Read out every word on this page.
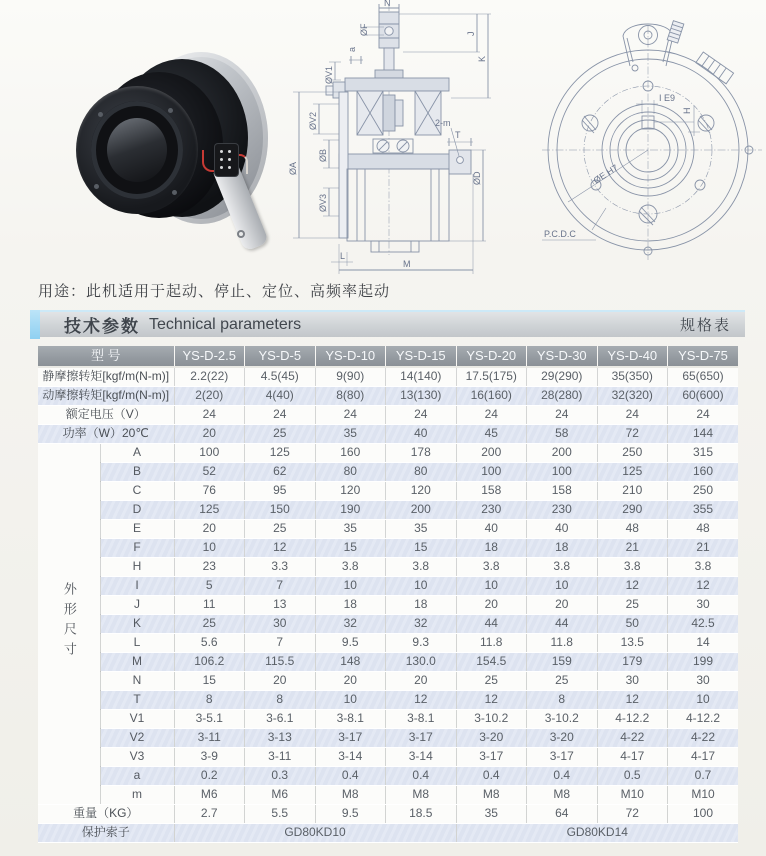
N
ØF	J
K
a
ØV1
ØV2
ØB
ØA
ØV3
T
2-m
ØD
L
M
I E9
H
ØE H7
P.C.D.C
用途：此机适用于起动、停止、定位、高频率起动
技术参数 Technical parameters	规格表
型 号		YS-D-2.5	YS-D-5	YS-D-10	YS-D-15	YS-D-20	YS-D-30	YS-D-40	YS-D-75
静摩擦转矩[kgf/m(N-m)]		2.2(22)	4.5(45)	9(90)	14(140)	17.5(175)	29(290)	35(350)	65(650)
动摩擦转矩[kgf/m(N-m)]		2(20)	4(40)	8(80)	13(130)	16(160)	28(280)	32(320)	60(600)
额定电压（V）		24	24	24	24	24	24	24	24
功率（W）20℃		20	25	35	40	45	58	72	144
外形尺寸	A	100	125	160	178	200	200	250	315
	B	52	62	80	80	100	100	125	160
	C	76	95	120	120	158	158	210	250
	D	125	150	190	200	230	230	290	355
	E	20	25	35	35	40	40	48	48
	F	10	12	15	15	18	18	21	21
	H	23	3.3	3.8	3.8	3.8	3.8	3.8	3.8
	I	5	7	10	10	10	10	12	12
	J	11	13	18	18	20	20	25	30
	K	25	30	32	32	44	44	50	42.5
	L	5.6	7	9.5	9.3	11.8	11.8	13.5	14
	M	106.2	115.5	148	130.0	154.5	159	179	199
	N	15	20	20	20	25	25	30	30
	T	8	8	10	12	12	8	12	10
	V1	3-5.1	3-6.1	3-8.1	3-8.1	3-10.2	3-10.2	4-12.2	4-12.2
	V2	3-11	3-13	3-17	3-17	3-20	3-20	4-22	4-22
	V3	3-9	3-11	3-14	3-14	3-17	3-17	4-17	4-17
	a	0.2	0.3	0.4	0.4	0.4	0.4	0.5	0.7
	m	M6	M6	M8	M8	M8	M8	M10	M10
重量（KG）		2.7	5.5	9.5	18.5	35	64	72	100
保护索子		GD80KD10				GD80KD14			
